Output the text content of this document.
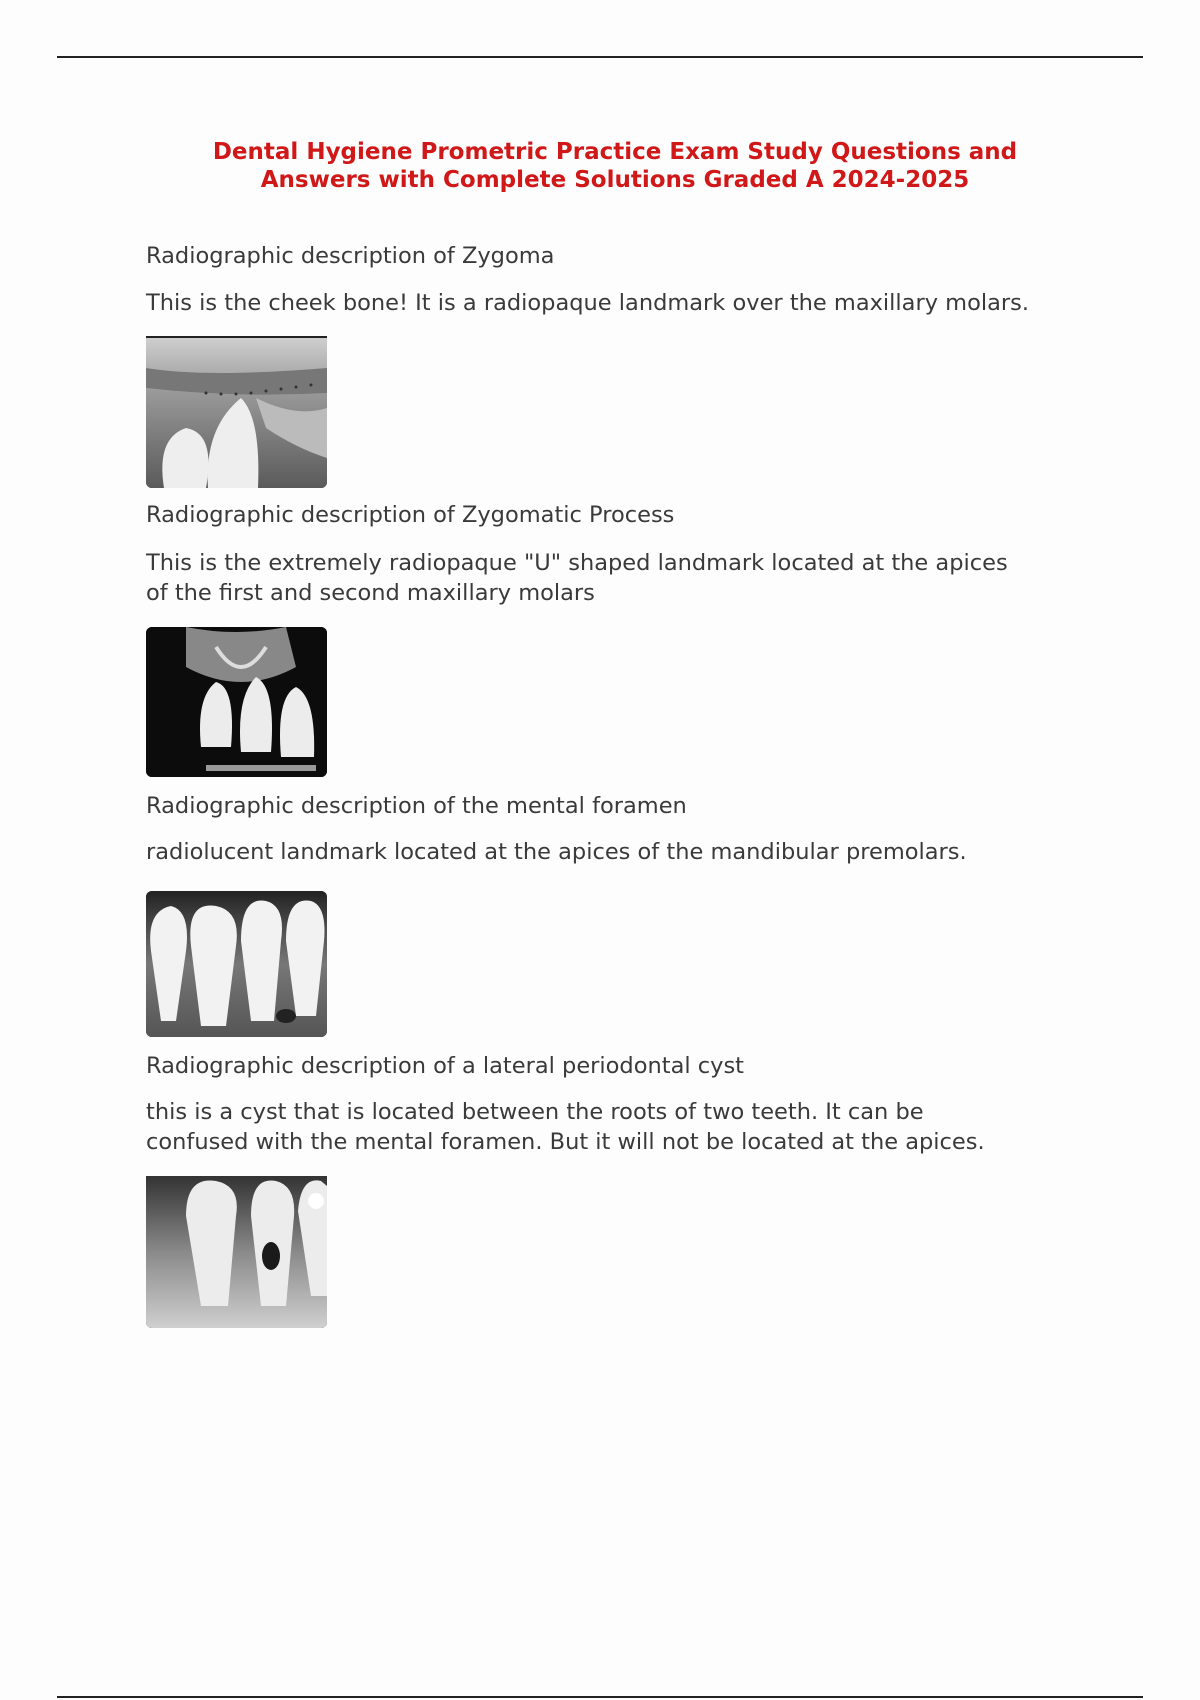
Dental Hygiene Prometric Practice Exam Study Questions and
Answers with Complete Solutions Graded A 2024-2025
Radiographic description of Zygoma
This is the cheek bone! It is a radiopaque landmark over the maxillary molars.
Radiographic description of Zygomatic Process
This is the extremely radiopaque "U" shaped landmark located at the apices
of the first and second maxillary molars
Radiographic description of the mental foramen
radiolucent landmark located at the apices of the mandibular premolars.
Radiographic description of a lateral periodontal cyst
this is a cyst that is located between the roots of two teeth. It can be
confused with the mental foramen. But it will not be located at the apices.
